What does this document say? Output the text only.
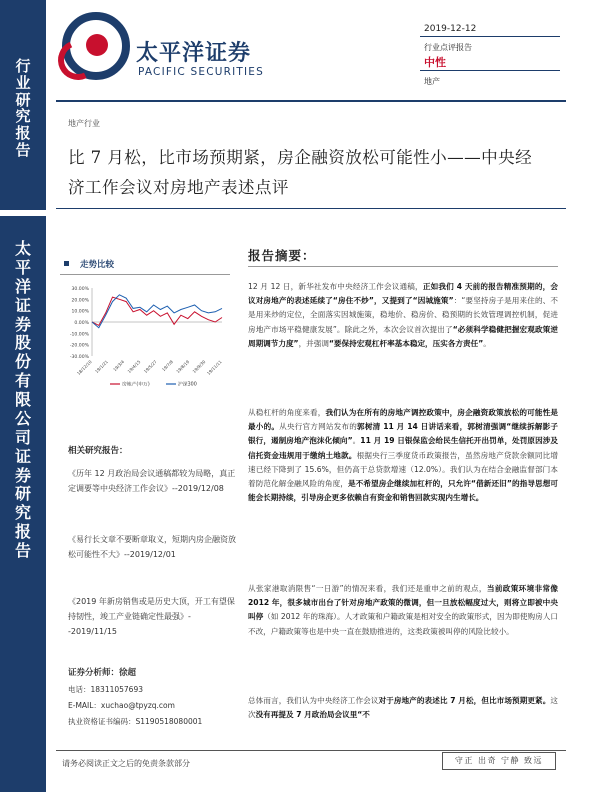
行
业
研
究
报
告
太
平
洋
证
券
股
份
有
限
公
司
证
券
研
究
报
告
太平洋证券
PACIFIC SECURITIES
2019-12-12
行业点评报告
中性
地产
地产行业
比 7 月松，比市场预期紧，房企融资放松可能性小——中央经
济工作会议对房地产表述点评
走势比较
30.00%
20.00%
10.00%
0.00%
-10.00%
-20.00%
-30.00%
18/12/10 19/1/21 19/3/4 19/4/15 19/5/27 19/7/8 19/8/19 19/9/30 19/11/11
房地产(申万)	沪深300
相关研究报告：
《历年 12 月政治局会议通稿都较为局略，真正定调要等中央经济工作会议》--2019/12/08
《易行长文章不要断章取义，短期内房企融资放松可能性不大》--2019/12/01
《2019 年新房销售或是历史大顶，开工有望保持韧性，竣工产业链确定性最强》--2019/11/15
证券分析师：徐超
电话：18311057693
E-MAIL：xuchao@tpyzq.com
执业资格证书编码：S1190518080001
报告摘要：
12 月 12 日，新华社发布中央经济工作会议通稿，正如我们 4 天前的报告精准预期的，会议对房地产的表述延续了“房住不炒”，又提到了“因城施策”：“要坚持房子是用来住的、不是用来炒的定位，全面落实因城施策，稳地价、稳房价、稳预期的长效管理调控机制，促进房地产市场平稳健康发展”。除此之外，本次会议首次提出了“必须科学稳健把握宏观政策逆周期调节力度”，并强调“要保持宏观杠杆率基本稳定，压实各方责任”。
从稳杠杆的角度来看，我们认为在所有的房地产调控政策中，房企融资政策放松的可能性是最小的。从央行官方网站发布的郭树清 11 月 14 日讲话来看，郭树清强调“继续拆解影子银行，遏制房地产泡沫化倾向”。11 月 19 日银保监会给民生信托开出罚单，处罚原因涉及信托资金违规用于缴纳土地款。根据央行三季度货币政策报告，虽然房地产贷款余额同比增速已经下降到了 15.6%，但仍高于总贷款增速（12.0%）。我们认为在结合金融监督部门本着防范化解金融风险的角度，是不希望房企继续加杠杆的，只允许“借新还旧”的指导思想可能会长期持续，引导房企更多依赖自有资金和销售回款实现内生增长。
从张家港取消限售“一日游”的情况来看，我们还是重申之前的观点，当前政策环境非常像 2012 年，很多城市出台了针对房地产政策的微调，但一旦放松幅度过大，则将立即被中央叫停（如 2012 年的珠海）。人才政策和户籍政策是相对安全的政策形式，因为即使购房人口不改，户籍政策等也是中央一直在鼓励推进的，这类政策被叫停的风险比较小。
总体而言，我们认为中央经济工作会议对于房地产的表述比 7 月松，但比市场预期更紧。这次没有再提及 7 月政治局会议里“不
请务必阅读正文之后的免责条款部分	守正 出奇 宁静 致远
